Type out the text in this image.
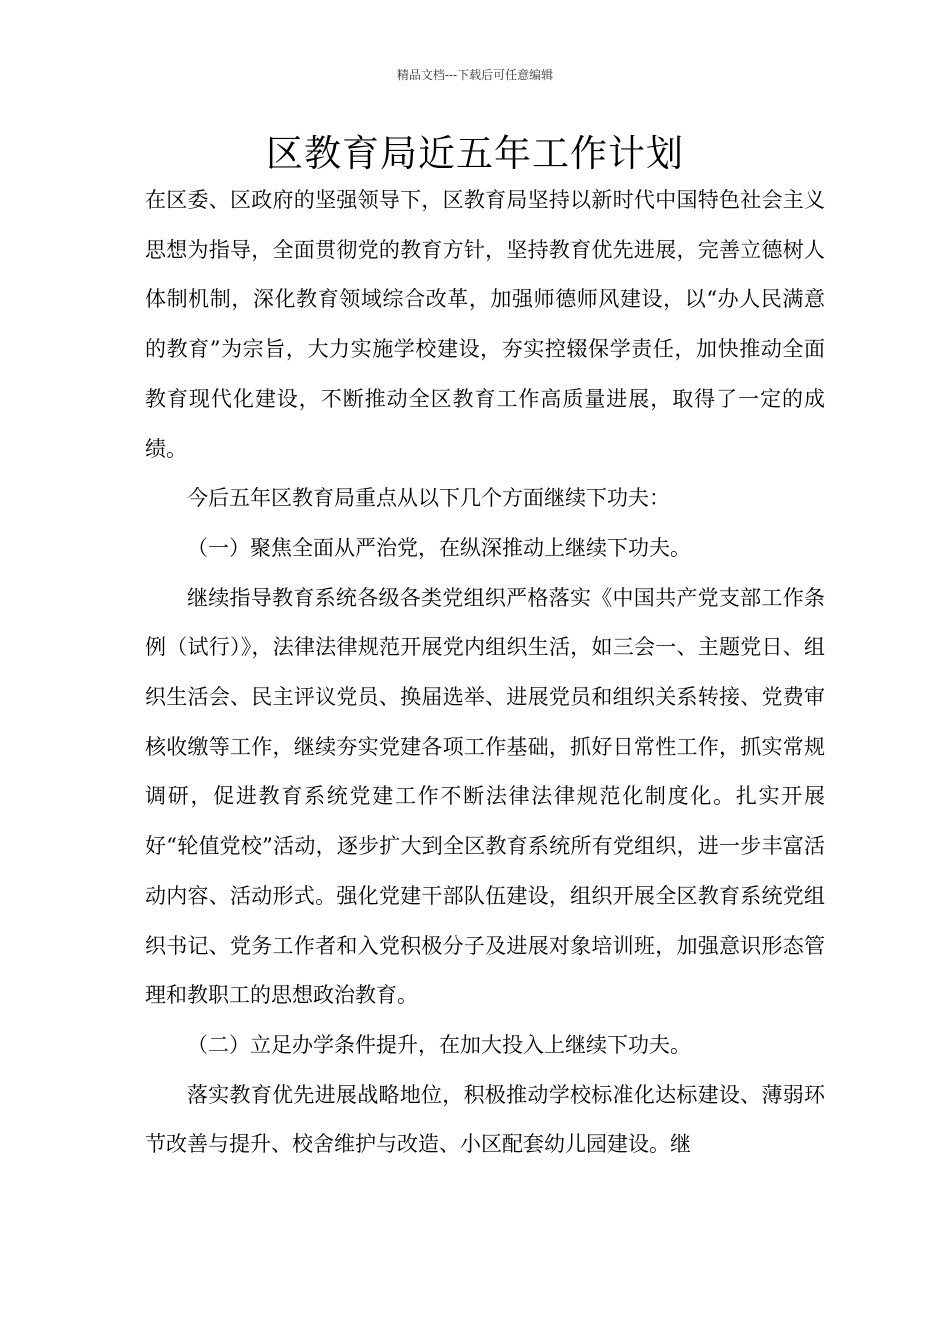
精品文档---下载后可任意编辑
区教育局近五年工作计划

在区委、区政府的坚强领导下，区教育局坚持以新时代中国特色社会主义思想为指导，全面贯彻党的教育方针，坚持教育优先进展，完善立德树人体制机制，深化教育领域综合改革，加强师德师风建设，以“办人民满意的教育”为宗旨，大力实施学校建设，夯实控辍保学责任，加快推动全面教育现代化建设，不断推动全区教育工作高质量进展，取得了一定的成绩。

今后五年区教育局重点从以下几个方面继续下功夫：

（一）聚焦全面从严治党，在纵深推动上继续下功夫。

继续指导教育系统各级各类党组织严格落实《中国共产党支部工作条例（试行）》，法律法律规范开展党内组织生活，如三会一、主题党日、组织生活会、民主评议党员、换届选举、进展党员和组织关系转接、党费审核收缴等工作，继续夯实党建各项工作基础，抓好日常性工作，抓实常规调研，促进教育系统党建工作不断法律法律规范化制度化。扎实开展好“轮值党校”活动，逐步扩大到全区教育系统所有党组织，进一步丰富活动内容、活动形式。强化党建干部队伍建设，组织开展全区教育系统党组织书记、党务工作者和入党积极分子及进展对象培训班，加强意识形态管理和教职工的思想政治教育。

（二）立足办学条件提升，在加大投入上继续下功夫。

落实教育优先进展战略地位，积极推动学校标准化达标建设、薄弱环节改善与提升、校舍维护与改造、小区配套幼儿园建设。继
